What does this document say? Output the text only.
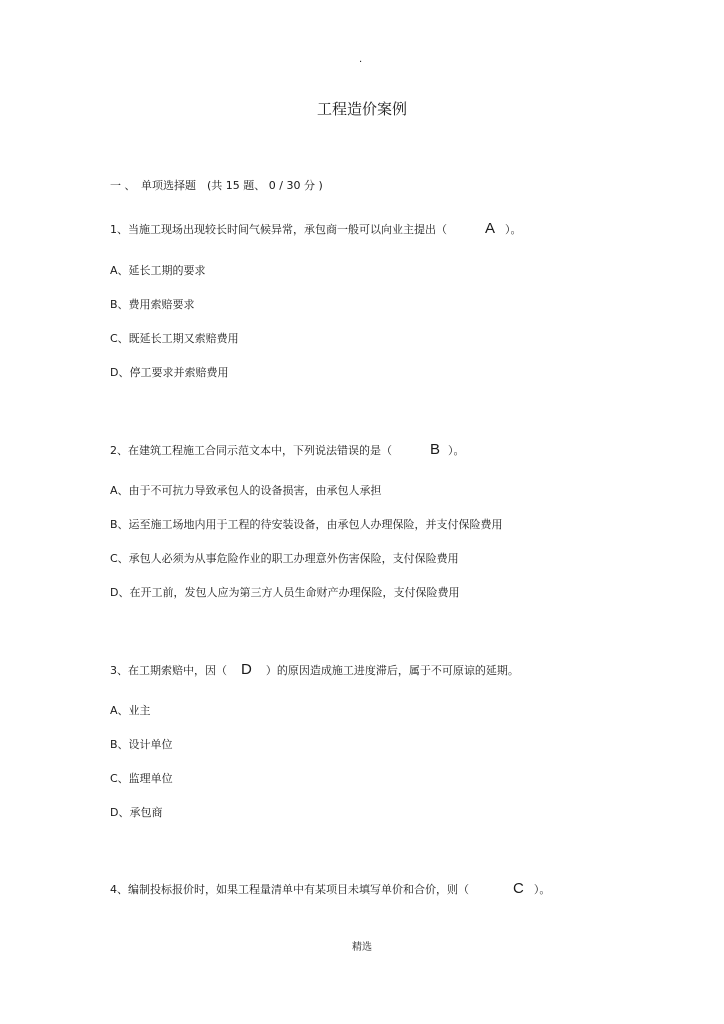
.
工程造价案例
一 、　单项选择题　(共 15 题、 0 / 30 分 )
1、当施工现场出现较长时间气候异常，承包商一般可以向业主提出（	A ）。
A、延长工期的要求
B、费用索赔要求
C、既延长工期又索赔费用
D、停工要求并索赔费用
2、在建筑工程施工合同示范文本中，下列说法错误的是（	B ）。
A、由于不可抗力导致承包人的设备损害，由承包人承担
B、运至施工场地内用于工程的待安装设备，由承包人办理保险，并支付保险费用
C、承包人必须为从事危险作业的职工办理意外伤害保险，支付保险费用
D、在开工前，发包人应为第三方人员生命财产办理保险，支付保险费用
3、在工期索赔中，因（ D ）的原因造成施工进度滞后，属于不可原谅的延期。
A、业主
B、设计单位
C、监理单位
D、承包商
4、编制投标报价时，如果工程量清单中有某项目未填写单价和合价，则（	C ）。
精选
